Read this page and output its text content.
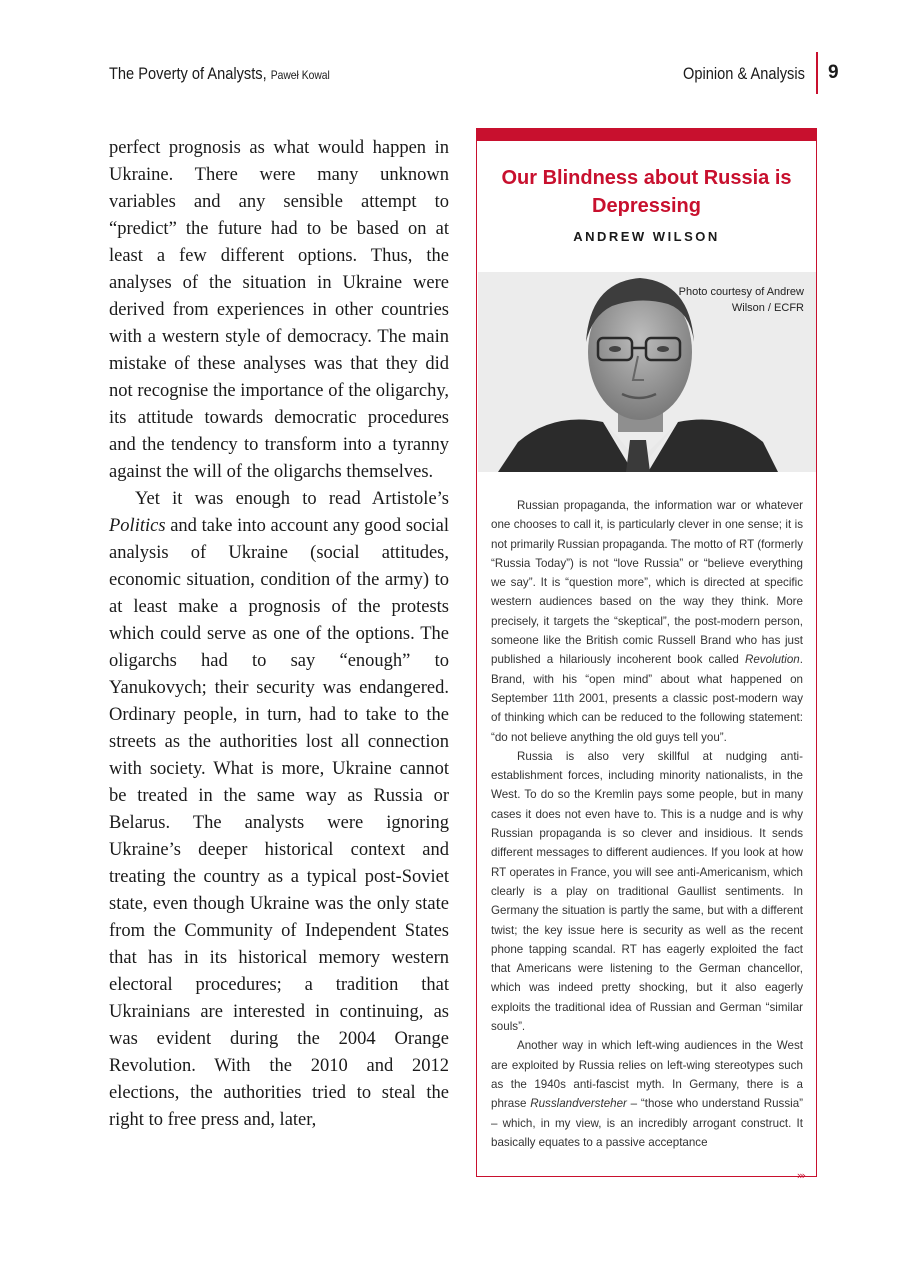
The Poverty of Analysts, Paweł Kowal	Opinion & Analysis 9

perfect prognosis as what would happen in Ukraine. There were many unknown variables and any sensible attempt to “predict” the future had to be based on at least a few different options. Thus, the analyses of the situation in Ukraine were derived from experiences in other countries with a western style of democracy. The main mistake of these analyses was that they did not recognise the importance of the oligarchy, its attitude towards democratic procedures and the tendency to transform into a tyranny against the will of the oligarchs themselves.

Yet it was enough to read Artistole’s Politics and take into account any good social analysis of Ukraine (social attitudes, economic situation, condition of the army) to at least make a prognosis of the protests which could serve as one of the options. The oligarchs had to say “enough” to Yanukovych; their security was endangered. Ordinary people, in turn, had to take to the streets as the authorities lost all connection with society. What is more, Ukraine cannot be treated in the same way as Russia or Belarus. The analysts were ignoring Ukraine’s deeper historical context and treating the country as a typical post-Soviet state, even though Ukraine was the only state from the Community of Independent States that has in its historical memory western electoral procedures; a tradition that Ukrainians are interested in continuing, as was evident during the 2004 Orange Revolution. With the 2010 and 2012 elections, the authorities tried to steal the right to free press and, later,

Our Blindness about Russia is Depressing
ANDREW WILSON
Photo courtesy of Andrew Wilson / ECFR

Russian propaganda, the information war or whatever one chooses to call it, is particularly clever in one sense; it is not primarily Russian propaganda. The motto of RT (formerly “Russia Today”) is not “love Russia” or “believe everything we say”. It is “question more”, which is directed at specific western audiences based on the way they think. More precisely, it targets the “skeptical”, the post-modern person, someone like the British comic Russell Brand who has just published a hilariously incoherent book called Revolution. Brand, with his “open mind” about what happened on September 11th 2001, presents a classic post-modern way of thinking which can be reduced to the following statement: “do not believe anything the old guys tell you”.

Russia is also very skillful at nudging anti-establishment forces, including minority nationalists, in the West. To do so the Kremlin pays some people, but in many cases it does not even have to. This is a nudge and is why Russian propaganda is so clever and insidious. It sends different messages to different audiences. If you look at how RT operates in France, you will see anti-Americanism, which clearly is a play on traditional Gaullist sentiments. In Germany the situation is partly the same, but with a different twist; the key issue here is security as well as the recent phone tapping scandal. RT has eagerly exploited the fact that Americans were listening to the German chancellor, which was indeed pretty shocking, but it also eagerly exploits the traditional idea of Russian and German “similar souls”.

Another way in which left-wing audiences in the West are exploited by Russia relies on left-wing stereotypes such as the 1940s anti-fascist myth. In Germany, there is a phrase Russlandversteher – “those who understand Russia” – which, in my view, is an incredibly arrogant construct. It basically equates to a passive acceptance

›››
